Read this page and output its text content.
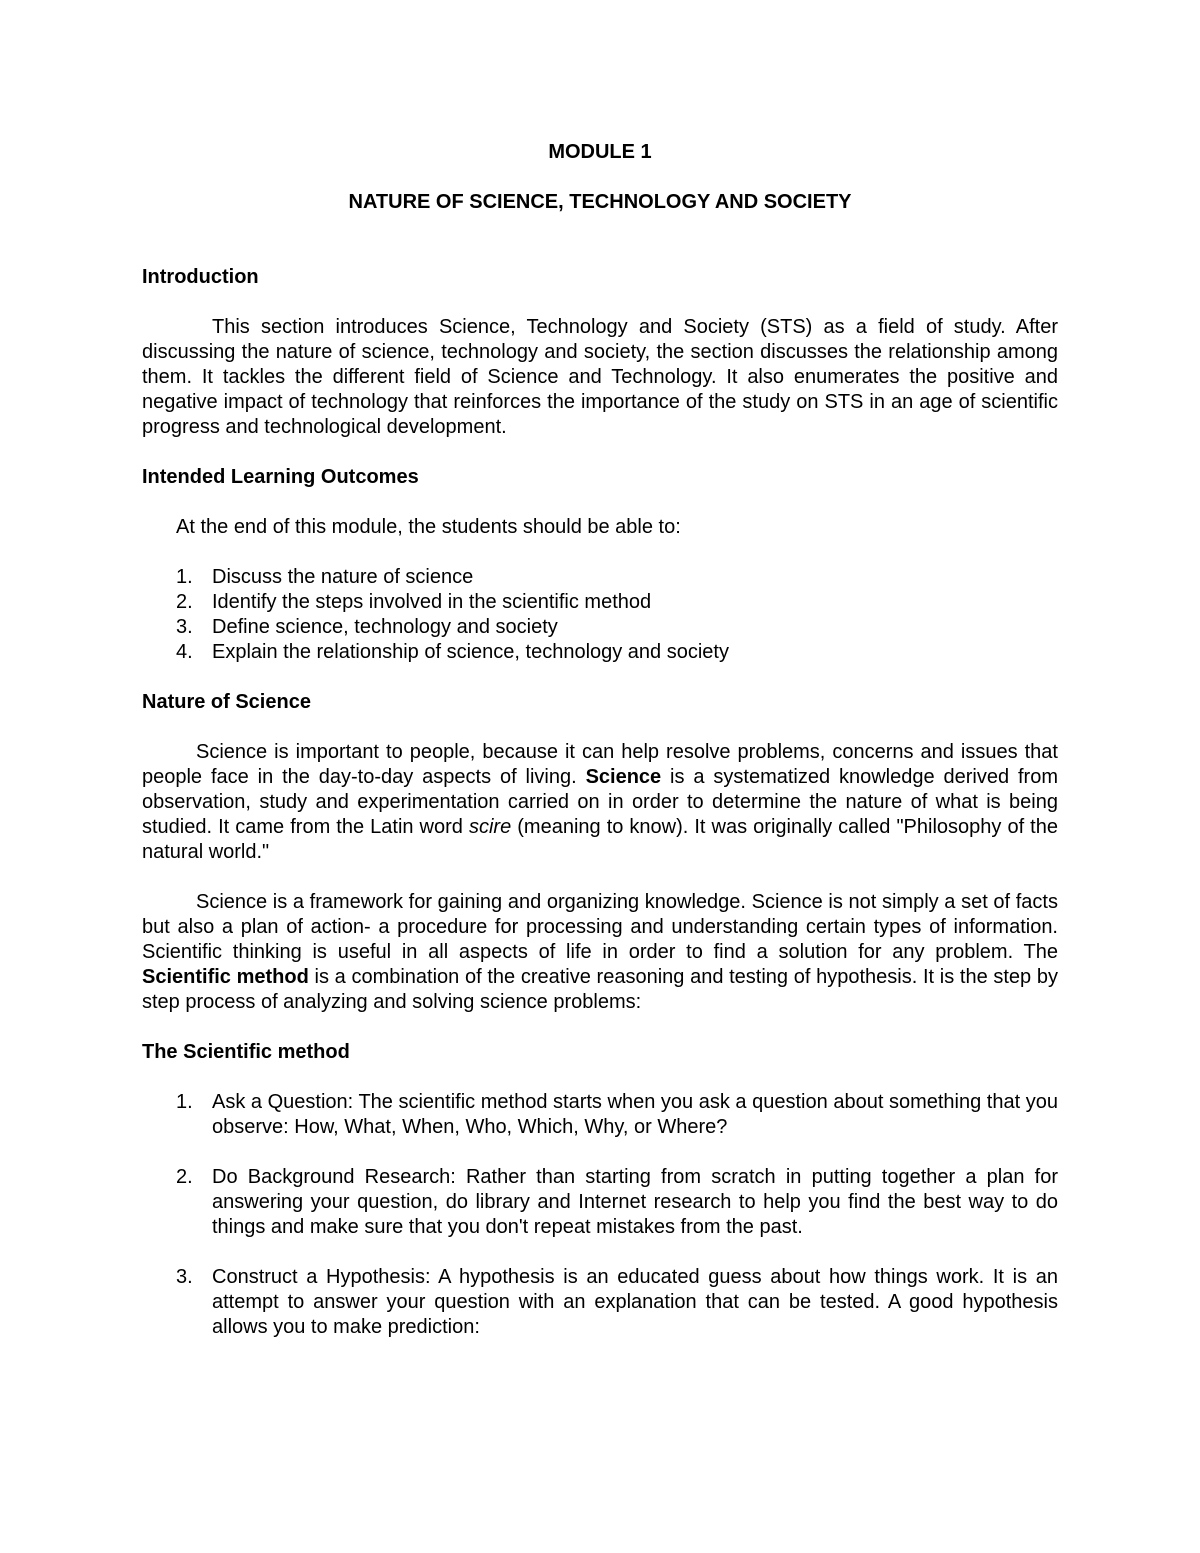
MODULE 1
NATURE OF SCIENCE, TECHNOLOGY AND SOCIETY
Introduction

This section introduces Science, Technology and Society (STS) as a field of study. After discussing the nature of science, technology and society, the section discusses the relationship among them. It tackles the different field of Science and Technology. It also enumerates the positive and negative impact of technology that reinforces the importance of the study on STS in an age of scientific progress and technological development.

Intended Learning Outcomes

At the end of this module, the students should be able to:

1. Discuss the nature of science
2. Identify the steps involved in the scientific method
3. Define science, technology and society
4. Explain the relationship of science, technology and society
Nature of Science

Science is important to people, because it can help resolve problems, concerns and issues that people face in the day-to-day aspects of living. Science is a systematized knowledge derived from observation, study and experimentation carried on in order to determine the nature of what is being studied. It came from the Latin word scire (meaning to know). It was originally called "Philosophy of the natural world."

Science is a framework for gaining and organizing knowledge. Science is not simply a set of facts but also a plan of action- a procedure for processing and understanding certain types of information. Scientific thinking is useful in all aspects of life in order to find a solution for any problem. The Scientific method is a combination of the creative reasoning and testing of hypothesis. It is the step by step process of analyzing and solving science problems:

The Scientific method
1. Ask a Question: The scientific method starts when you ask a question about something that you observe: How, What, When, Who, Which, Why, or Where?
2. Do Background Research: Rather than starting from scratch in putting together a plan for answering your question, do library and Internet research to help you find the best way to do things and make sure that you don't repeat mistakes from the past.
3. Construct a Hypothesis: A hypothesis is an educated guess about how things work. It is an attempt to answer your question with an explanation that can be tested. A good hypothesis allows you to make prediction:
